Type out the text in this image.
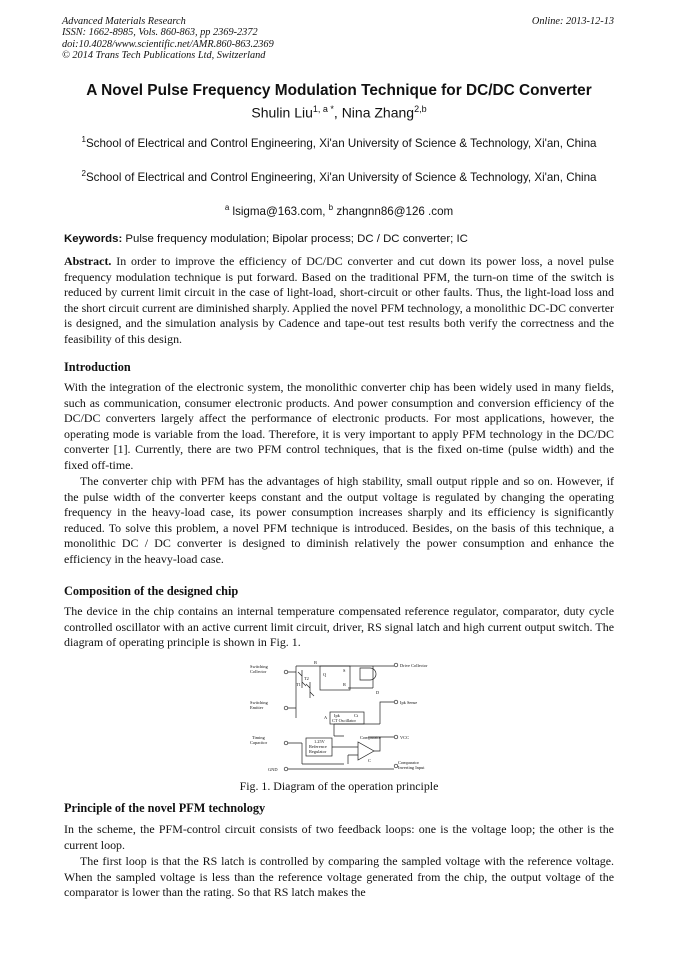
Advanced Materials Research
ISSN: 1662-8985, Vols. 860-863, pp 2369-2372
doi:10.4028/www.scientific.net/AMR.860-863.2369
© 2014 Trans Tech Publications Ltd, Switzerland
Online: 2013-12-13
A Novel Pulse Frequency Modulation Technique for DC/DC Converter
Shulin Liu$^{1, a *}$, Nina Zhang$^{2,b}$
$^1$School of Electrical and Control Engineering, Xi'an University of Science & Technology, Xi'an, China
$^2$School of Electrical and Control Engineering, Xi'an University of Science & Technology, Xi'an, China
$^a$ lsigma@163.com, $^b$ zhangnn86@126 .com
Keywords: Pulse frequency modulation; Bipolar process; DC / DC converter; IC

Abstract. In order to improve the efficiency of DC/DC converter and cut down its power loss, a novel pulse frequency modulation technique is put forward. Based on the traditional PFM, the turn-on time of the switch is reduced by current limit circuit in the case of light-load, short-circuit or other faults. Thus, the light-load loss and the short circuit current are diminished sharply. Applied the novel PFM technology, a monolithic DC-DC converter is designed, and the simulation analysis by Cadence and tape-out test results both verify the correctness and the feasibility of this design.

Introduction

With the integration of the electronic system, the monolithic converter chip has been widely used in many fields, such as communication, consumer electronic products. And power consumption and conversion efficiency of the DC/DC converters largely affect the performance of electronic products. For most applications, however, the operating mode is variable from the load. Therefore, it is very important to apply PFM technology in the DC/DC converter [1]. Currently, there are two PFM control techniques, that is the fixed on-time (pulse width) and the fixed off-time.

The converter chip with PFM has the advantages of high stability, small output ripple and so on. However, if the pulse width of the converter keeps constant and the output voltage is regulated by changing the operating frequency in the heavy-load case, its power consumption increases sharply and its efficiency is significantly reduced. To solve this problem, a novel PFM technique is introduced. Besides, on the basis of this technique, a monolithic DC / DC converter is designed to diminish relatively the power consumption and enhance the efficiency in the heavy-load case.

Composition of the designed chip

The device in the chip contains an internal temperature compensated reference regulator, comparator, duty cycle controlled oscillator with an active current limit circuit, driver, RS signal latch and high current output switch. The diagram of operating principle is shown in Fig. 1.

Switching
Collector
Switching
Emitter
Timing
Capacitor
GND
Drive Collector
Ipk Sense
VCC
Comparator
Inverting Input
Comparator
1.25V
Reference
Regulator
Ipk
CT Oscillator
Ct
Q
S
R
A
B
C
D
T1
T2
Fig. 1. Diagram of the operation principle
Principle of the novel PFM technology

In the scheme, the PFM-control circuit consists of two feedback loops: one is the voltage loop; the other is the current loop.

The first loop is that the RS latch is controlled by comparing the sampled voltage with the reference voltage. When the sampled voltage is less than the reference voltage generated from the chip, the output voltage of the comparator is lower than the rating. So that RS latch makes the
